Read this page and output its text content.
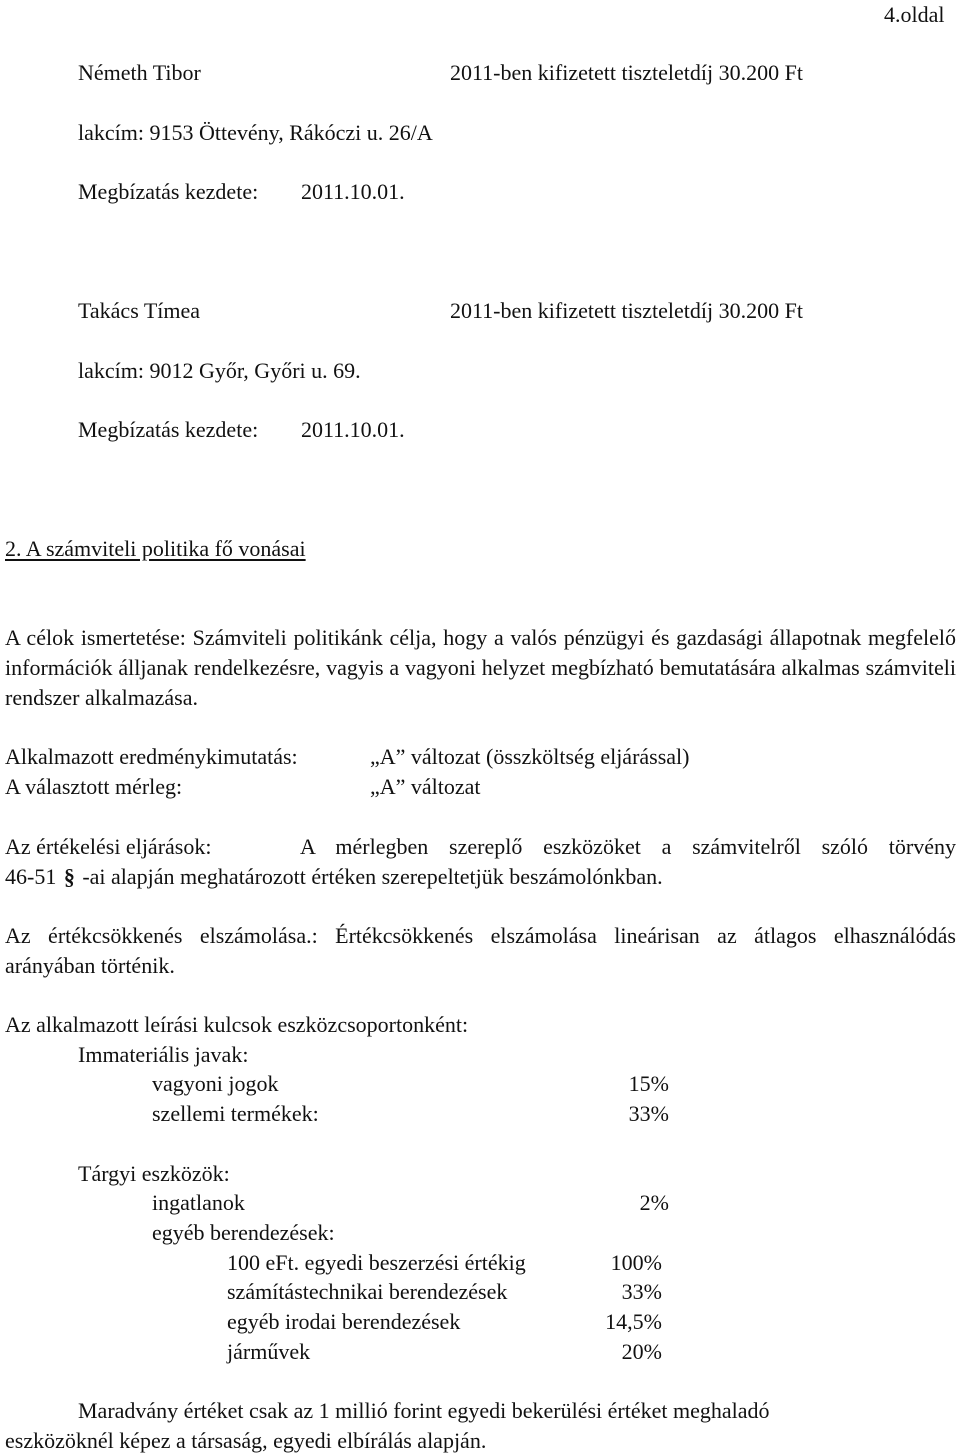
4.oldal
Németh Tibor	2011-ben kifizetett tiszteletdíj 30.200 Ft
lakcím: 9153 Öttevény, Rákóczi u. 26/A
Megbízatás kezdete: 2011.10.01.
Takács Tímea	2011-ben kifizetett tiszteletdíj 30.200 Ft
lakcím: 9012 Győr, Győri u. 69.
Megbízatás kezdete: 2011.10.01.
2. A számviteli politika fő vonásai
A célok ismertetése: Számviteli politikánk célja, hogy a valós pénzügyi és gazdasági állapotnak megfelelő információk álljanak rendelkezésre, vagyis a vagyoni helyzet megbízható bemutatására alkalmas számviteli rendszer alkalmazása.
Alkalmazott eredménykimutatás:	„A” változat (összköltség eljárással)
A választott mérleg:	„A” változat
Az értékelési eljárások:	A mérlegben szereplő eszközöket a számvitelről szóló törvény
46-51 § -ai alapján meghatározott értéken szerepeltetjük beszámolónkban.
Az értékcsökkenés elszámolása.: Értékcsökkenés elszámolása lineárisan az átlagos elhasználódás arányában történik.
Az alkalmazott leírási kulcsok eszközcsoportonként:
Immateriális javak:
vagyoni jogok	15%
szellemi termékek:	33%
Tárgyi eszközök:
ingatlanok	2%
egyéb berendezések:
100 eFt. egyedi beszerzési értékig	100%
számítástechnikai berendezések	33%
egyéb irodai berendezések	14,5%
járművek	20%
Maradvány értéket csak az 1 millió forint egyedi bekerülési értéket meghaladó
eszközöknél képez a társaság, egyedi elbírálás alapján.
